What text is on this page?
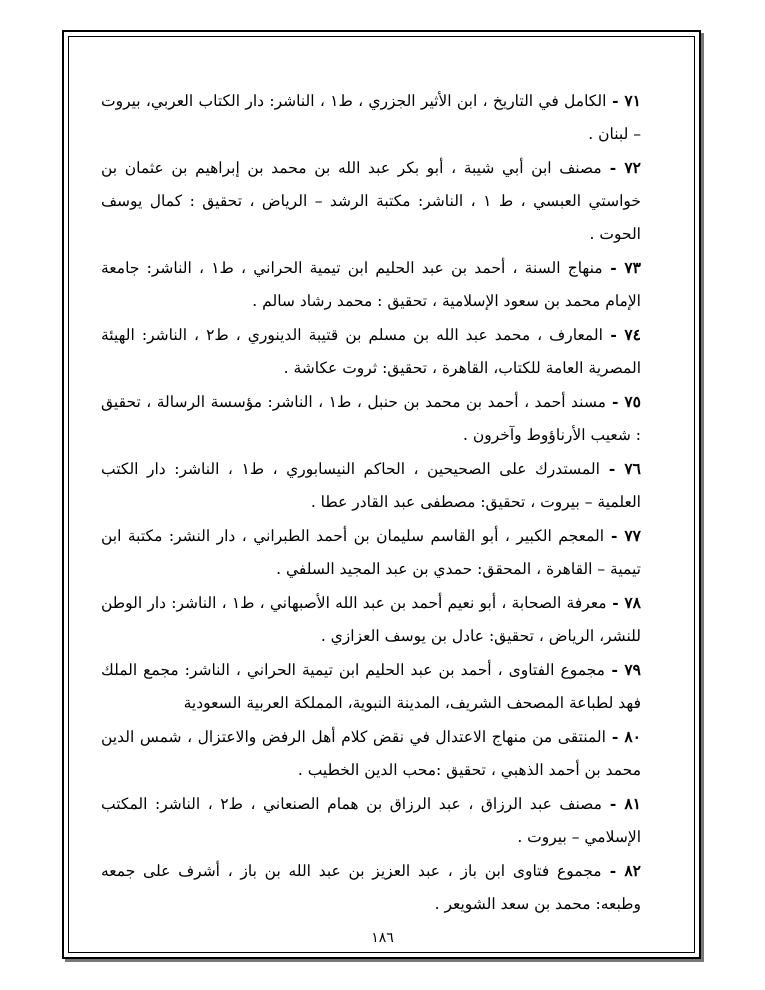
٧١ - الكامل في التاريخ ، ابن الأثير الجزري ، ط١ ، الناشر: دار الكتاب العربي، بيروت – لبنان .

٧٢ - مصنف ابن أبي شيبة ، أبو بكر عبد الله بن محمد بن إبراهيم بن عثمان بن خواستي العبسي ، ط ١ ، الناشر: مكتبة الرشد – الرياض ، تحقيق : كمال يوسف الحوت .

٧٣ - منهاج السنة ، أحمد بن عبد الحليم ابن تيمية الحراني ، ط١ ، الناشر: جامعة الإمام محمد بن سعود الإسلامية ، تحقيق : محمد رشاد سالم .

٧٤ - المعارف ، محمد عبد الله بن مسلم بن قتيبة الدينوري ، ط٢ ، الناشر: الهيئة المصرية العامة للكتاب، القاهرة ، تحقيق: ثروت عكاشة .

٧٥ - مسند أحمد ، أحمد بن محمد بن حنبل ، ط١ ، الناشر: مؤسسة الرسالة ، تحقيق : شعيب الأرناؤوط وآخرون .

٧٦ - المستدرك على الصحيحين ، الحاكم النيسابوري ، ط١ ، الناشر: دار الكتب العلمية – بيروت ، تحقيق: مصطفى عبد القادر عطا .

٧٧ - المعجم الكبير ، أبو القاسم سليمان بن أحمد الطبراني ، دار النشر: مكتبة ابن تيمية – القاهرة ، المحقق: حمدي بن عبد المجيد السلفي .

٧٨ - معرفة الصحابة ، أبو نعيم أحمد بن عبد الله الأصبهاني ، ط١ ، الناشر: دار الوطن للنشر، الرياض ، تحقيق: عادل بن يوسف العزازي .

٧٩ - مجموع الفتاوى ، أحمد بن عبد الحليم ابن تيمية الحراني ، الناشر: مجمع الملك فهد لطباعة المصحف الشريف، المدينة النبوية، المملكة العربية السعودية

٨٠ - المنتقى من منهاج الاعتدال في نقض كلام أهل الرفض والاعتزال ، شمس الدين محمد بن أحمد الذهبي ، تحقيق :محب الدين الخطيب .

٨١ - مصنف عبد الرزاق ، عبد الرزاق بن همام الصنعاني ، ط٢ ، الناشر: المكتب الإسلامي – بيروت .

٨٢ - مجموع فتاوى ابن باز ، عبد العزيز بن عبد الله بن باز ، أشرف على جمعه وطبعه: محمد بن سعد الشويعر .

١٨٦
